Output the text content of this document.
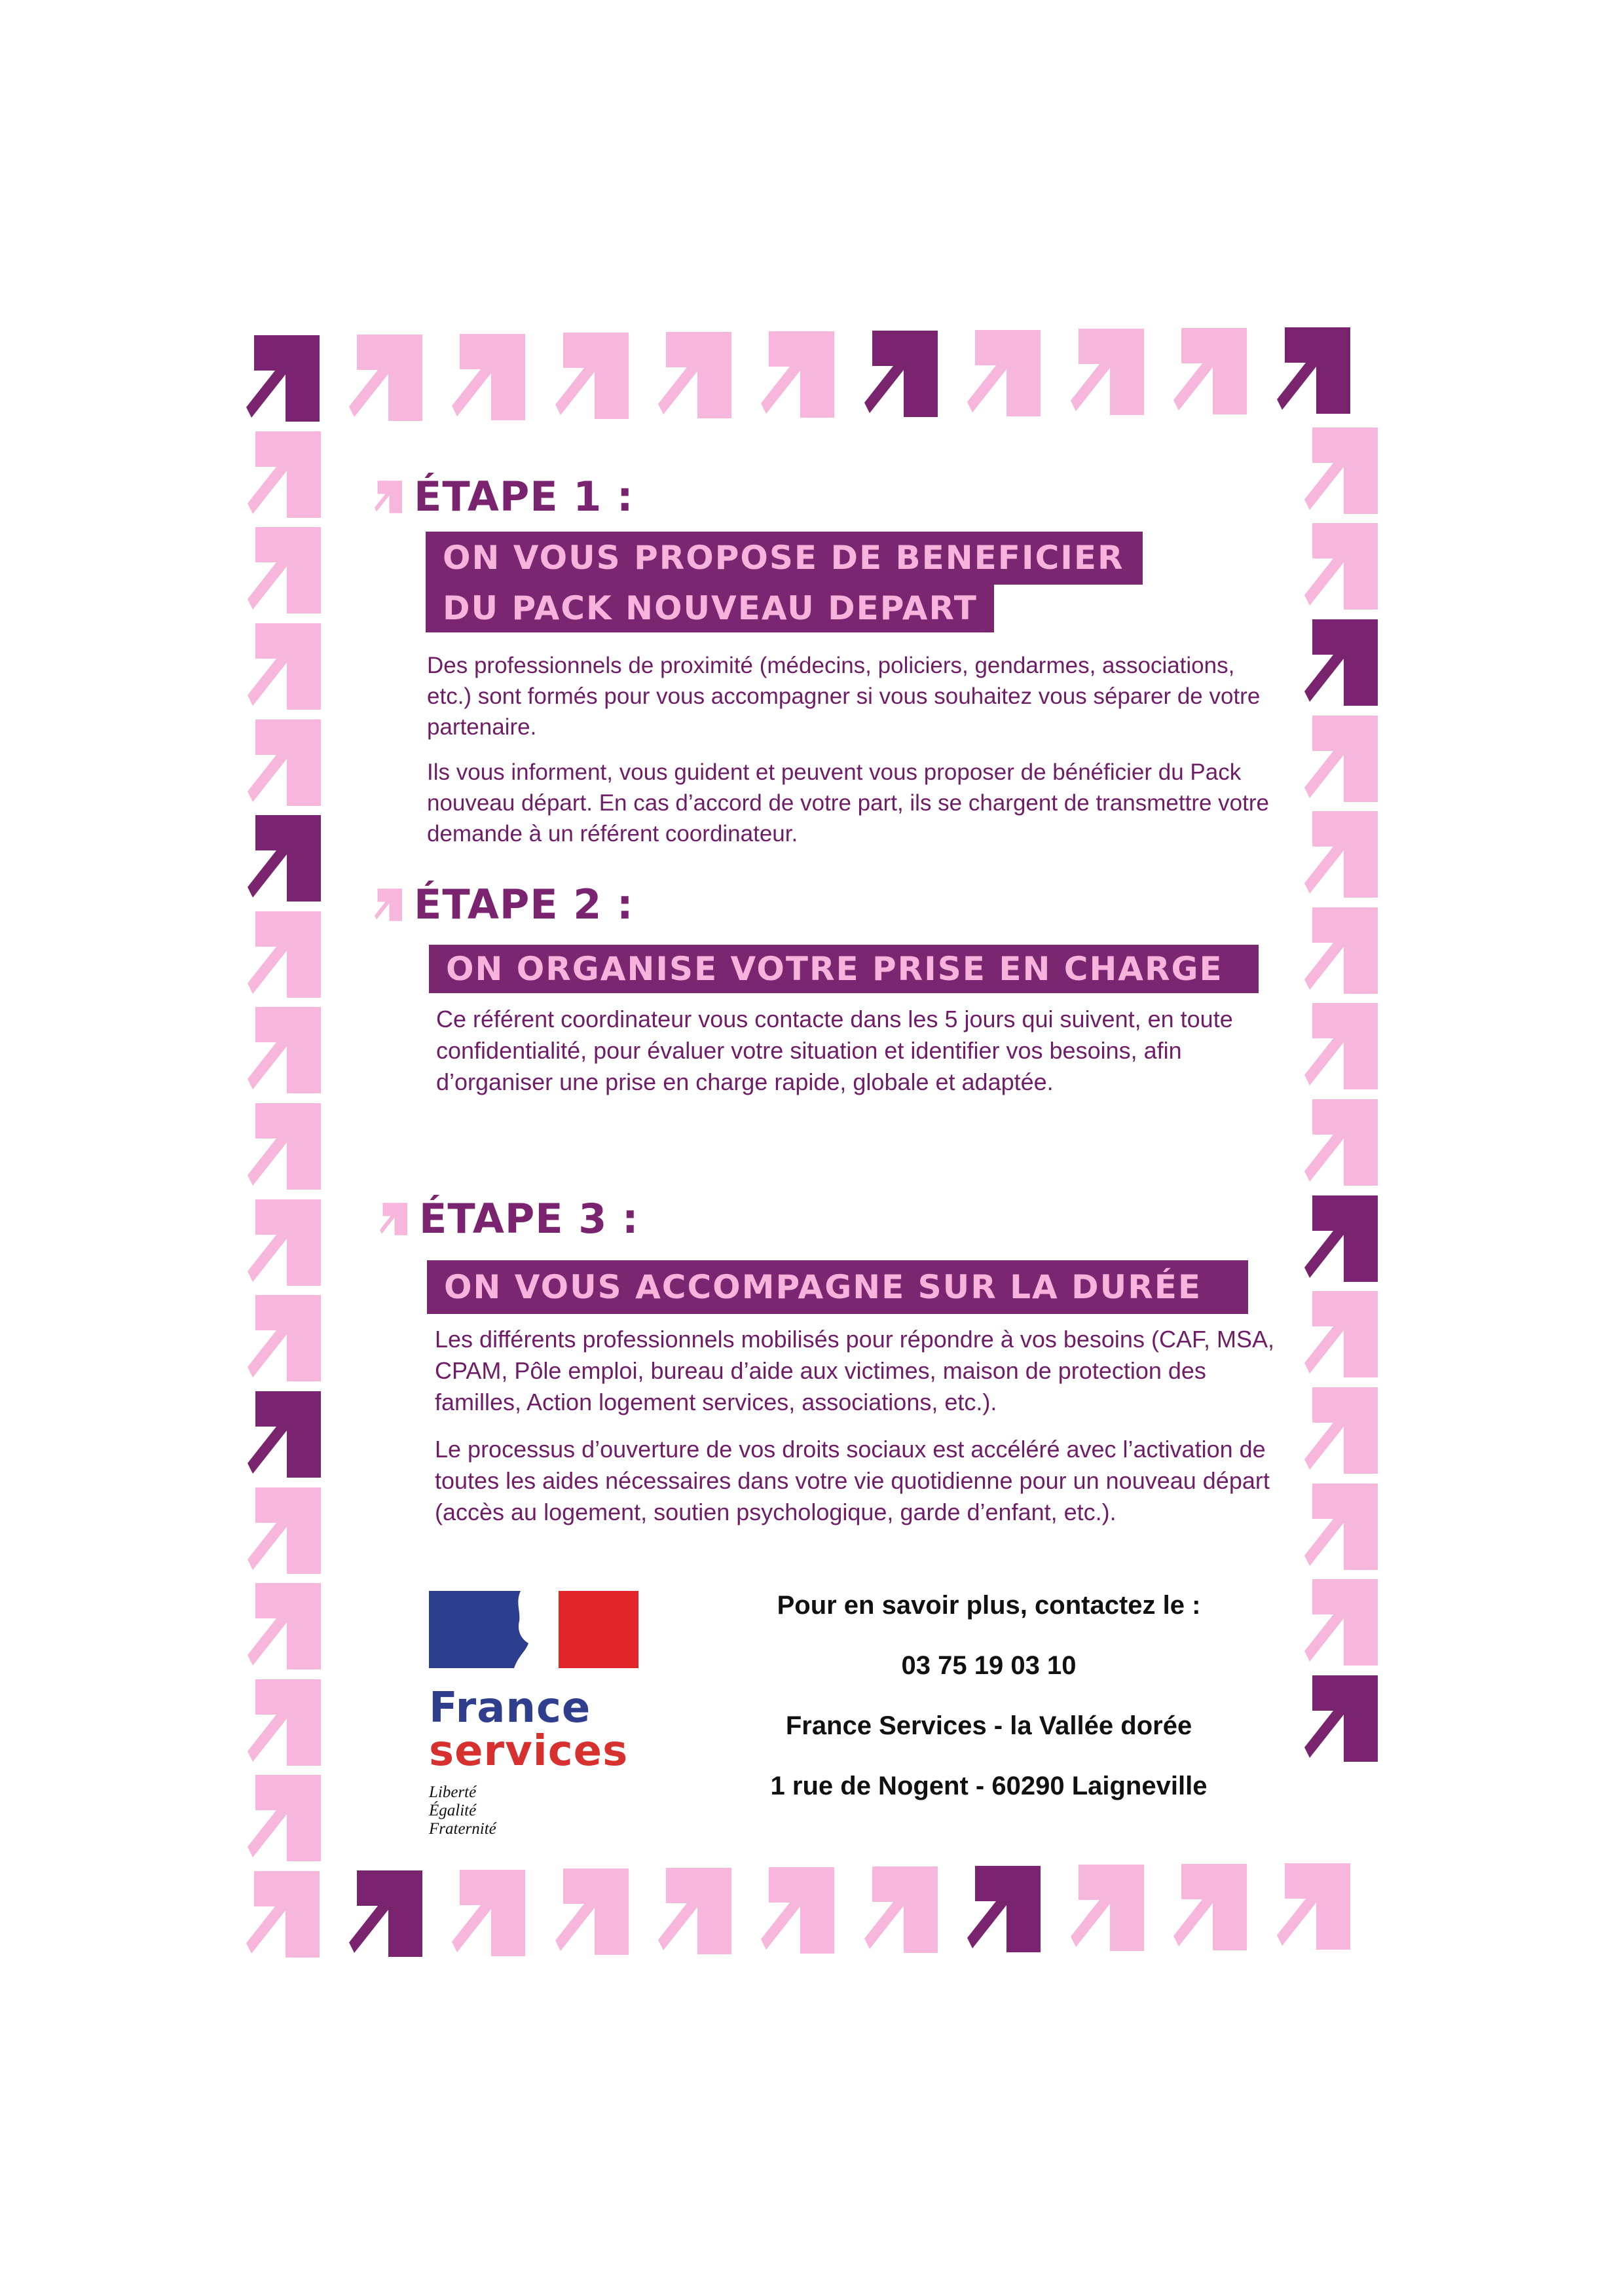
ÉTAPE 1 :
ON VOUS PROPOSE DE BENEFICIER
DU PACK NOUVEAU DEPART

Des professionnels de proximité (médecins, policiers, gendarmes, associations, etc.) sont formés pour vous accompagner si vous souhaitez vous séparer de votre partenaire.

Ils vous informent, vous guident et peuvent vous proposer de bénéficier du Pack nouveau départ. En cas d’accord de votre part, ils se chargent de transmettre votre demande à un référent coordinateur.

ÉTAPE 2 :
ON ORGANISE VOTRE PRISE EN CHARGE

Ce référent coordinateur vous contacte dans les 5 jours qui suivent, en toute confidentialité, pour évaluer votre situation et identifier vos besoins, afin d’organiser une prise en charge rapide, globale et adaptée.

ÉTAPE 3 :
ON VOUS ACCOMPAGNE SUR LA DURÉE

Les différents professionnels mobilisés pour répondre à vos besoins (CAF, MSA, CPAM, Pôle emploi, bureau d’aide aux victimes, maison de protection des familles, Action logement services, associations, etc.).

Le processus d’ouverture de vos droits sociaux est accéléré avec l’activation de toutes les aides nécessaires dans votre vie quotidienne pour un nouveau départ (accès au logement, soutien psychologique, garde d’enfant, etc.).

France
services
Liberté
Égalité
Fraternité
Pour en savoir plus, contactez le :
03 75 19 03 10
France Services - la Vallée dorée
1 rue de Nogent - 60290 Laigneville
